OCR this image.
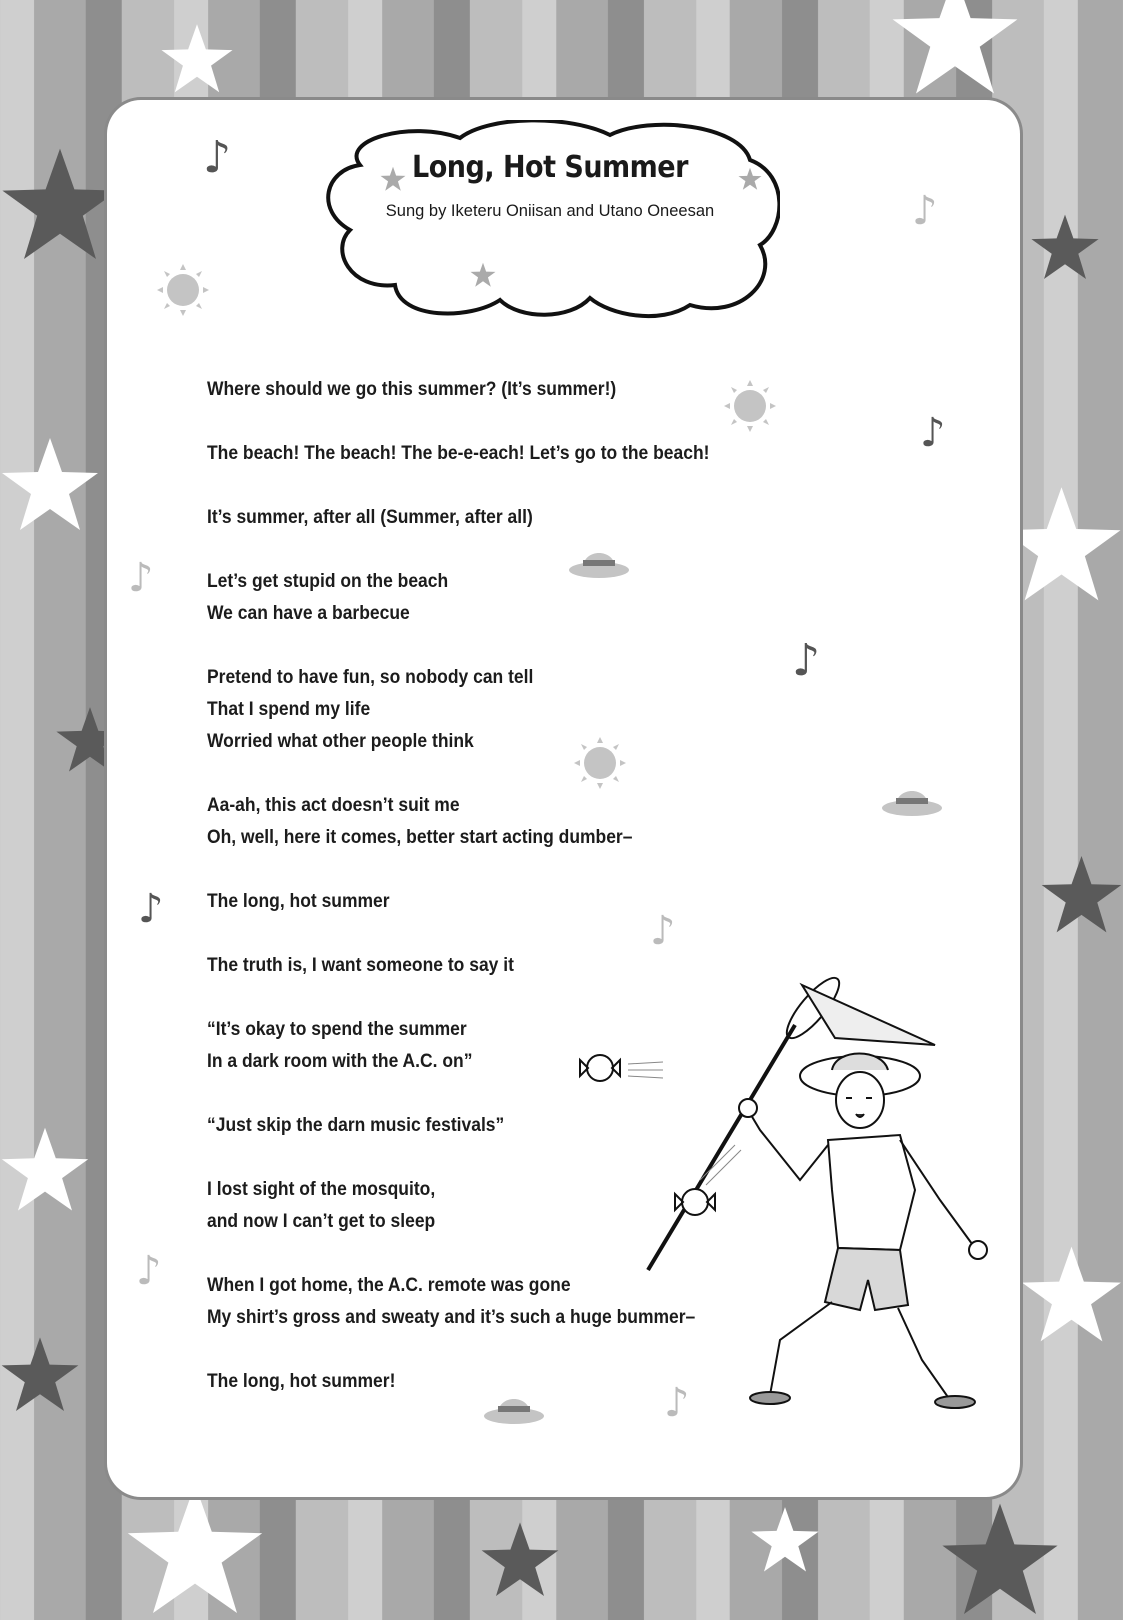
Long, Hot Summer
Sung by Iketeru Oniisan and Utano Oneesan
♪
♪
♪
♪
♪
♪	♪
♪
♪
Where should we go this summer? (It’s summer!)
The beach! The beach! The be-e-each! Let’s go to the beach!
It’s summer, after all (Summer, after all)
Let’s get stupid on the beach
We can have a barbecue
Pretend to have fun, so nobody can tell
That I spend my life
Worried what other people think
Aa-ah, this act doesn’t suit me
Oh, well, here it comes, better start acting dumber–
The long, hot summer
The truth is, I want someone to say it
“It’s okay to spend the summer
In a dark room with the A.C. on”
“Just skip the darn music festivals”
I lost sight of the mosquito,
and now I can’t get to sleep
When I got home, the A.C. remote was gone
My shirt’s gross and sweaty and it’s such a huge bummer–
The long, hot summer!
